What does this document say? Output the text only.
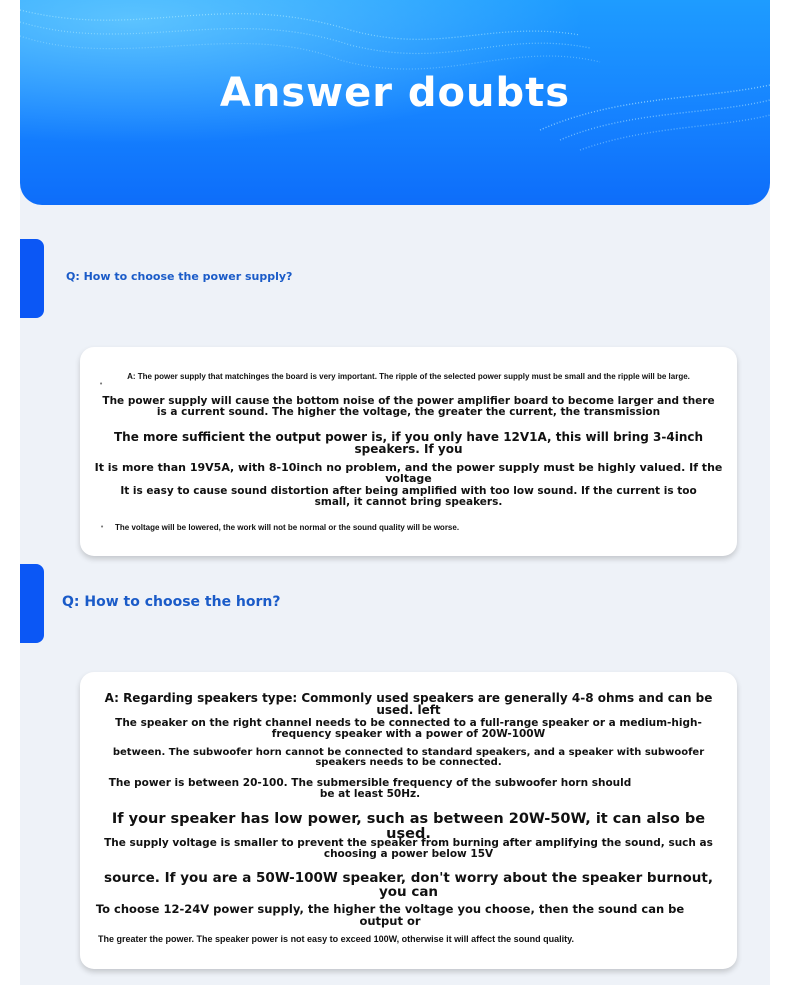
Answer doubts
Q: How to choose the power supply?
•
A: The power supply that matchinges the board is very important. The ripple of the selected power supply must be small and the ripple will be large.
The power supply will cause the bottom noise of the power amplifier board to become larger and there is a current sound. The higher the voltage, the greater the current, the transmission
The more sufficient the output power is, if you only have 12V1A, this will bring 3-4inch speakers. If you
It is more than 19V5A, with 8-10inch no problem, and the power supply must be highly valued. If the voltage
It is easy to cause sound distortion after being amplified with too low sound. If the current is too small, it cannot bring speakers.
• The voltage will be lowered, the work will not be normal or the sound quality will be worse.
Q: How to choose the horn?
A: Regarding speakers type: Commonly used speakers are generally 4-8 ohms and can be used. left
The speaker on the right channel needs to be connected to a full-range speaker or a medium-high-frequency speaker with a power of 20W-100W
between. The subwoofer horn cannot be connected to standard speakers, and a speaker with subwoofer speakers needs to be connected.
The power is between 20-100. The submersible frequency of the subwoofer horn should be at least 50Hz.
If your speaker has low power, such as between 20W-50W, it can also be used.
The supply voltage is smaller to prevent the speaker from burning after amplifying the sound, such as choosing a power below 15V
source. If you are a 50W-100W speaker, don't worry about the speaker burnout, you can
To choose 12-24V power supply, the higher the voltage you choose, then the sound can be output or
The greater the power. The speaker power is not easy to exceed 100W, otherwise it will affect the sound quality.
